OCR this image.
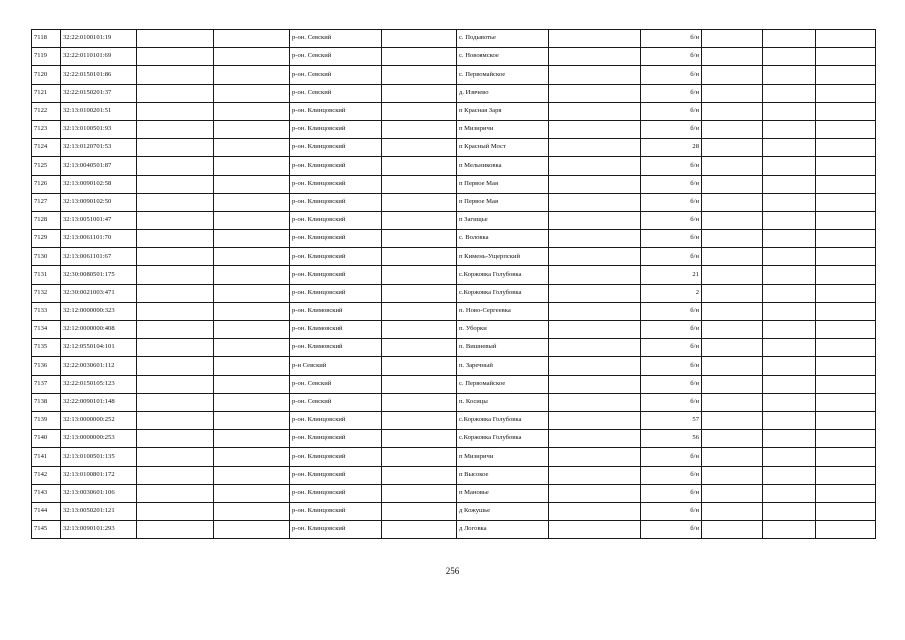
7118	32:22:0100101:19			р-он. Севский		с. Подывотье		б/н			
7119	32:22:0110101:69			р-он. Севский		с. Новоямское		б/н			
7120	32:22:0150101:86			р-он. Севский		с. Первомайское		б/н			
7121	32:22:0150201:37			р-он. Севский		д. Извчево		б/н			
7122	32:13:0100201:51			р-он. Клинцовский		п Красная Заря		б/н			
7123	32:13:0100501:93			р-он. Клинцовский		п Мизиричи		б/н			
7124	32:13:0120701:53			р-он. Клинцовский		п Красный Мост		28			
7125	32:13:0040501:87			р-он. Клинцовский		п Мельниковка		б/н			
7126	32:13:0090102:58			р-он. Клинцовский		п Первое Мая		б/н			
7127	32:13:0090102:50			р-он. Клинцовский		п Первое Мая		б/н			
7128	32:13:0051001:47			р-он. Клинцовский		п Загищье		б/н			
7129	32:13:0061101:70			р-он. Клинцовский		с. Воловка		б/н			
7130	32:13:0061101:67			р-он. Клинцовский		п Кимень-Ущерпский		б/н			
7131	32:30:0080501:175			р-он. Клинцовский		с.Коржовка Голубовка		21			
7132	32:30:0021003:471			р-он. Клинцовский		с.Коржовка Голубовка		2			
7133	32:12:0000000:323			р-он. Климовский		п. Ново-Сергеевка		б/н			
7134	32:12:0000000:408			р-он. Климовский		п. Уборки		б/н			
7135	32:12:0550104:101			р-он. Климовский		п. Вишневый		б/н			
7136	32:22:0030601:112			р-н Севский		п. Заречный		б/н			
7137	32:22:0150105:123			р-он. Севский		с. Первомайское		б/н			
7138	32:22:0090101:148			р-он. Севский		п. Косицы		б/н			
7139	32:13:0000000:252			р-он. Клинцовский		с.Коржовка Голубовка		57			
7140	32:13:0000000:253			р-он. Клинцовский		с.Коржовка Голубовка		56			
7141	32:13:0100501:135			р-он. Клинцовский		п Мизиричи		б/н			
7142	32:13:0100801:172			р-он. Клинцовский		п Высокое		б/н			
7143	32:13:0030601:106			р-он. Клинцовский		п Мановье		б/н			
7144	32:13:0050201:121			р-он. Клинцовский		д Кожушье		б/н			
7145	32:13:0090101:293			р-он. Клинцовский		д Логовка		б/н			
256
